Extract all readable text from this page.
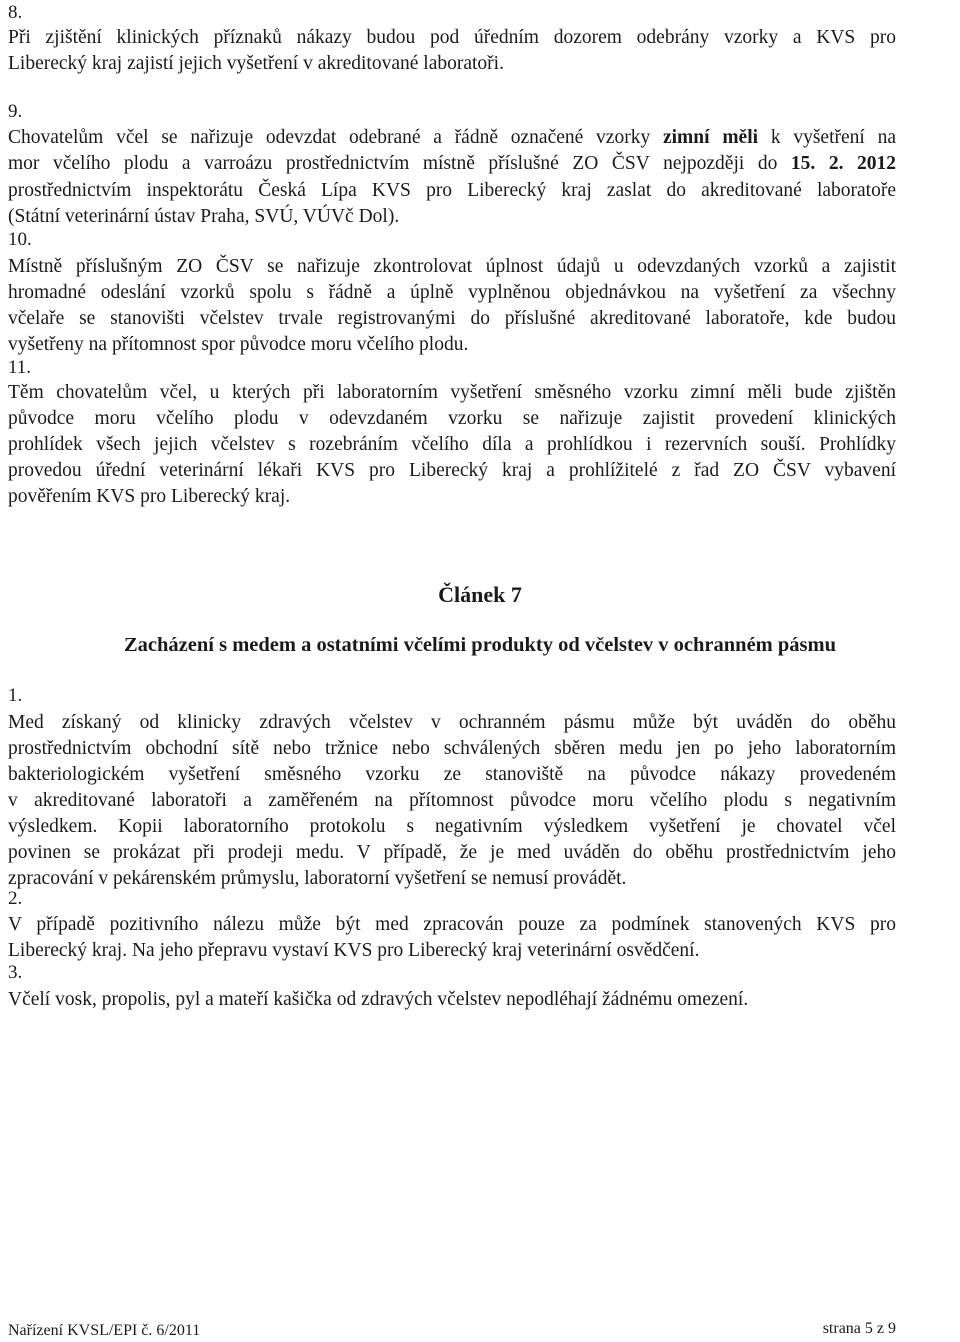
8.
Při zjištění klinických příznaků nákazy budou pod úředním dozorem odebrány vzorky a KVS pro
Liberecký kraj zajistí jejich vyšetření v akreditované laboratoři.
9.
Chovatelům včel se nařizuje odevzdat odebrané a řádně označené vzorky zimní měli k vyšetření na
mor včelího plodu a varroázu prostřednictvím místně příslušné ZO ČSV nejpozději do 15. 2. 2012
prostřednictvím inspektorátu Česká Lípa KVS pro Liberecký kraj zaslat do akreditované laboratoře
(Státní veterinární ústav Praha, SVÚ, VÚVč Dol).
10.
Místně příslušným ZO ČSV se nařizuje zkontrolovat úplnost údajů u odevzdaných vzorků a zajistit
hromadné odeslání vzorků spolu s řádně a úplně vyplněnou objednávkou na vyšetření za všechny
včelaře se stanovišti včelstev trvale registrovanými do příslušné akreditované laboratoře, kde budou
vyšetřeny na přítomnost spor původce moru včelího plodu.
11.
Těm chovatelům včel, u kterých při laboratorním vyšetření směsného vzorku zimní měli bude zjištěn
původce moru včelího plodu v odevzdaném vzorku se nařizuje zajistit provedení klinických
prohlídek všech jejich včelstev s rozebráním včelího díla a prohlídkou i rezervních souší. Prohlídky
provedou úřední veterinární lékaři KVS pro Liberecký kraj a prohlížitelé z řad ZO ČSV vybavení
pověřením KVS pro Liberecký kraj.
Článek 7
Zacházení s medem a ostatními včelími produkty od včelstev v ochranném pásmu
1.
Med získaný od klinicky zdravých včelstev v ochranném pásmu může být uváděn do oběhu
prostřednictvím obchodní sítě nebo tržnice nebo schválených sběren medu jen po jeho laboratorním
bakteriologickém vyšetření směsného vzorku ze stanoviště na původce nákazy provedeném
v akreditované laboratoři a zaměřeném na přítomnost původce moru včelího plodu s negativním
výsledkem. Kopii laboratorního protokolu s negativním výsledkem vyšetření je chovatel včel
povinen se prokázat při prodeji medu. V případě, že je med uváděn do oběhu prostřednictvím jeho
zpracování v pekárenském průmyslu, laboratorní vyšetření se nemusí provádět.
2.
V případě pozitivního nálezu může být med zpracován pouze za podmínek stanovených KVS pro
Liberecký kraj. Na jeho přepravu vystaví KVS pro Liberecký kraj veterinární osvědčení.
3.
Včelí vosk, propolis, pyl a mateří kašička od zdravých včelstev nepodléhají žádnému omezení.
Nařízení KVSL/EPI č. 6/2011	strana 5 z 9
